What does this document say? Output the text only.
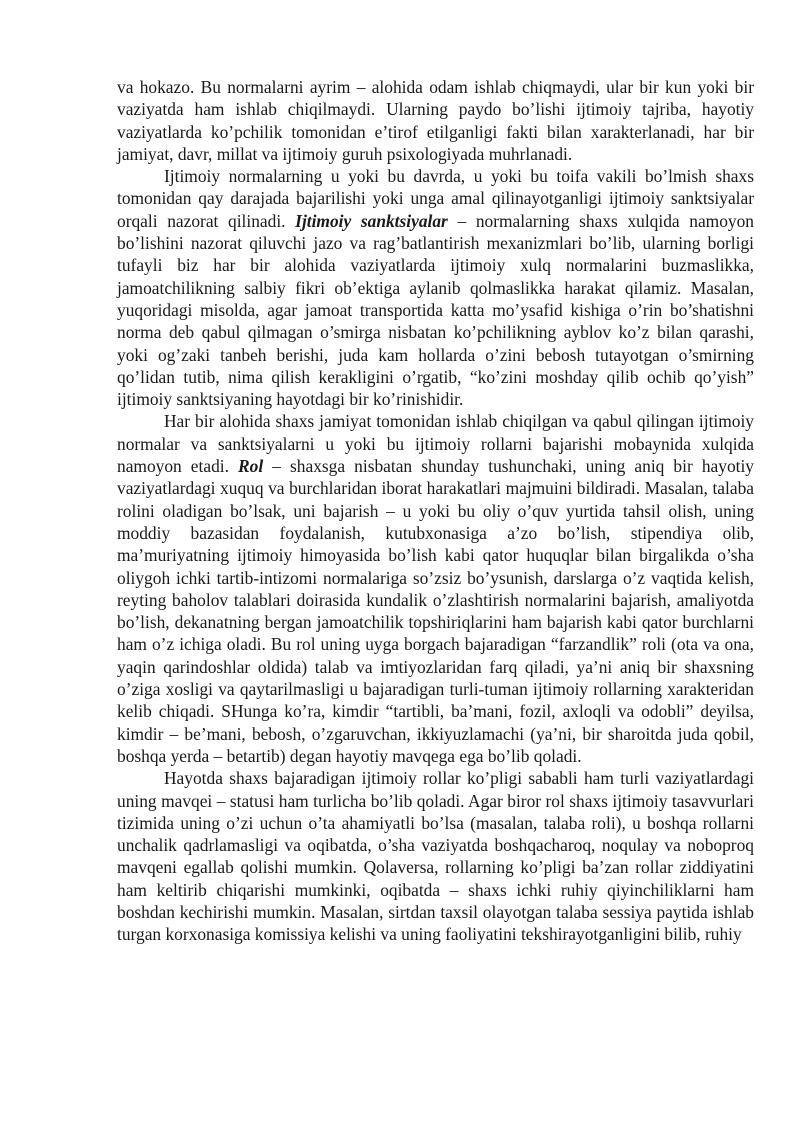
va hokazo. Bu normalarni ayrim – alohida odam ishlab chiqmaydi, ular bir kun yoki bir vaziyatda ham ishlab chiqilmaydi. Ularning paydo bo’lishi ijtimoiy tajriba, hayotiy vaziyatlarda ko’pchilik tomonidan e’tirof etilganligi fakti bilan xarakterlanadi, har bir jamiyat, davr, millat va ijtimoiy guruh psixologiyada muhrlanadi.

Ijtimoiy normalarning u yoki bu davrda, u yoki bu toifa vakili bo’lmish shaxs tomonidan qay darajada bajarilishi yoki unga amal qilinayotganligi ijtimoiy sanktsiyalar orqali nazorat qilinadi. Ijtimoiy sanktsiyalar – normalarning shaxs xulqida namoyon bo’lishini nazorat qiluvchi jazo va rag’batlantirish mexanizmlari bo’lib, ularning borligi tufayli biz har bir alohida vaziyatlarda ijtimoiy xulq normalarini buzmaslikka, jamoatchilikning salbiy fikri ob’ektiga aylanib qolmaslikka harakat qilamiz. Masalan, yuqoridagi misolda, agar jamoat transportida katta mo’ysafid kishiga o’rin bo’shatishni norma deb qabul qilmagan o’smirga nisbatan ko’pchilikning ayblov ko’z bilan qarashi, yoki og’zaki tanbeh berishi, juda kam hollarda o’zini bebosh tutayotgan o’smirning qo’lidan tutib, nima qilish kerakligini o’rgatib, “ko’zini moshday qilib ochib qo’yish” ijtimoiy sanktsiyaning hayotdagi bir ko’rinishidir.

Har bir alohida shaxs jamiyat tomonidan ishlab chiqilgan va qabul qilingan ijtimoiy normalar va sanktsiyalarni u yoki bu ijtimoiy rollarni bajarishi mobaynida xulqida namoyon etadi. Rol – shaxsga nisbatan shunday tushunchaki, uning aniq bir hayotiy vaziyatlardagi xuquq va burchlaridan iborat harakatlari majmuini bildiradi. Masalan, talaba rolini oladigan bo’lsak, uni bajarish – u yoki bu oliy o’quv yurtida tahsil olish, uning moddiy bazasidan foydalanish, kutubxonasiga a’zo bo’lish, stipendiya olib, ma’muriyatning ijtimoiy himoyasida bo’lish kabi qator huquqlar bilan birgalikda o’sha oliygoh ichki tartib-intizomi normalariga so’zsiz bo’ysunish, darslarga o’z vaqtida kelish, reyting baholov talablari doirasida kundalik o’zlashtirish normalarini bajarish, amaliyotda bo’lish, dekanatning bergan jamoatchilik topshiriqlarini ham bajarish kabi qator burchlarni ham o’z ichiga oladi. Bu rol uning uyga borgach bajaradigan “farzandlik” roli (ota va ona, yaqin qarindoshlar oldida) talab va imtiyozlaridan farq qiladi, ya’ni aniq bir shaxsning o’ziga xosligi va qaytarilmasligi u bajaradigan turli-tuman ijtimoiy rollarning xarakteridan kelib chiqadi. SHunga ko’ra, kimdir “tartibli, ba’mani, fozil, axloqli va odobli” deyilsa, kimdir – be’mani, bebosh, o’zgaruvchan, ikkiyuzlamachi (ya’ni, bir sharoitda juda qobil, boshqa yerda – betartib) degan hayotiy mavqega ega bo’lib qoladi.

Hayotda shaxs bajaradigan ijtimoiy rollar ko’pligi sababli ham turli vaziyatlardagi uning mavqei – statusi ham turlicha bo’lib qoladi. Agar biror rol shaxs ijtimoiy tasavvurlari tizimida uning o’zi uchun o’ta ahamiyatli bo’lsa (masalan, talaba roli), u boshqa rollarni unchalik qadrlamasligi va oqibatda, o’sha vaziyatda boshqacharoq, noqulay va noboproq mavqeni egallab qolishi mumkin. Qolaversa, rollarning ko’pligi ba’zan rollar ziddiyatini ham keltirib chiqarishi mumkinki, oqibatda – shaxs ichki ruhiy qiyinchiliklarni ham boshdan kechirishi mumkin. Masalan, sirtdan taxsil olayotgan talaba sessiya paytida ishlab turgan korxonasiga komissiya kelishi va uning faoliyatini tekshirayotganligini bilib, ruhiy
